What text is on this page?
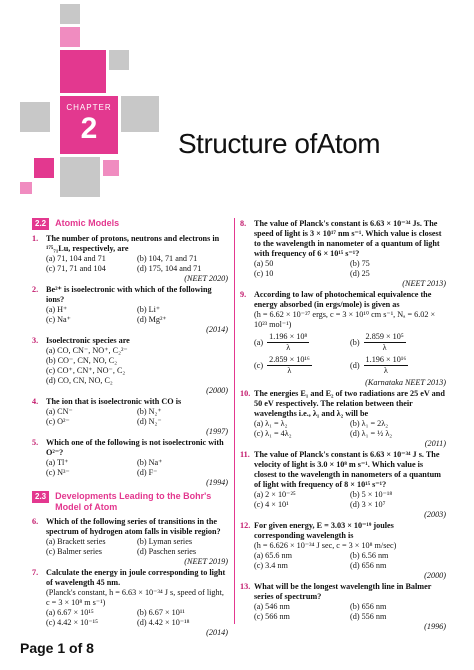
CHAPTER
2	Structure ofAtom
2.2	Atomic Models
1. The number of protons, neutrons and electrons in ¹⁷⁵₇₁Lu, respectively, are
(a) 71, 104 and 71	(b) 104, 71 and 71
(c) 71, 71 and 104	(d) 175, 104 and 71
(NEET 2020)
2. Be²⁺ is isoelectronic with which of the following ions?
(a) H⁺	(b) Li⁺
(c) Na⁺	(d) Mg²⁺
(2014)
3. Isoelectronic species are
(a) CO, CN⁻, NO⁺, C₂²⁻
(b) CO⁻, CN, NO, C₂
(c) CO⁺, CN⁺, NO⁻, C₂
(d) CO, CN, NO, C₂
(2000)
4. The ion that is isoelectronic with CO is
(a) CN⁻	(b) N₂⁺
(c) O²⁻	(d) N₂⁻
(1997)
5. Which one of the following is not isoelectronic with O²⁻?
(a) Tl⁺	(b) Na⁺
(c) N³⁻	(d) F⁻
(1994)
2.3	Developments Leading to the Bohr's Model of Atom
6. Which of the following series of transitions in the spectrum of hydrogen atom falls in visible region?
(a) Brackett series	(b) Lyman series
(c) Balmer series	(d) Paschen series
(NEET 2019)
7. Calculate the energy in joule corresponding to light of wavelength 45 nm.
(Planck's constant, h = 6.63 × 10⁻³⁴ J s, speed of light, c = 3 × 10⁸ m s⁻¹)
(a) 6.67 × 10¹⁵	(b) 6.67 × 10¹¹
(c) 4.42 × 10⁻¹⁵	(d) 4.42 × 10⁻¹⁸
(2014)
8. The value of Planck's constant is 6.63 × 10⁻³⁴ Js. The speed of light is 3 × 10¹⁷ nm s⁻¹. Which value is closest to the wavelength in nanometer of a quantum of light with frequency of 6 × 10¹⁵ s⁻¹?
(a) 50	(b) 75
(c) 10	(d) 25
(NEET 2013)
9. According to law of photochemical equivalence the energy absorbed (in ergs/mole) is given as
(h = 6.62 × 10⁻²⁷ ergs, c = 3 × 10¹⁰ cm s⁻¹, Nₐ = 6.02 × 10²³ mol⁻¹)
$(a) \frac{\text{1.196 × 10⁸}}{\lambda}$	$(b) \frac{\text{2.859 × 10⁵}}{\lambda}$
$(c) \frac{\text{2.859 × 10¹⁶}}{\lambda}$	$(d) \frac{\text{1.196 × 10¹⁶}}{\lambda}$
(Karnataka NEET 2013)
10. The energies E₁ and E₂ of two radiations are 25 eV and 50 eV respectively. The relation between their wavelengths i.e., λ₁ and λ₂ will be
(a) λ₁ = λ₂	(b) λ₁ = 2λ₂
(c) λ₁ = 4λ₂	(d) λ₁ = ½ λ₂
(2011)
11. The value of Planck's constant is 6.63 × 10⁻³⁴ J s. The velocity of light is 3.0 × 10⁸ m s⁻¹. Which value is closest to the wavelength in nanometers of a quantum of light with frequency of 8 × 10¹⁵ s⁻¹?
(a) 2 × 10⁻²⁵	(b) 5 × 10⁻¹⁸
(c) 4 × 10¹	(d) 3 × 10⁷
(2003)
12. For given energy, E = 3.03 × 10⁻¹⁹ joules corresponding wavelength is
(h = 6.626 × 10⁻³⁴ J sec, c = 3 × 10⁸ m/sec)
(a) 65.6 nm	(b) 6.56 nm
(c) 3.4 nm	(d) 656 nm
(2000)
13. What will be the longest wavelength line in Balmer series of spectrum?
(a) 546 nm	(b) 656 nm
(c) 566 nm	(d) 556 nm
(1996)
Page 1 of 8
